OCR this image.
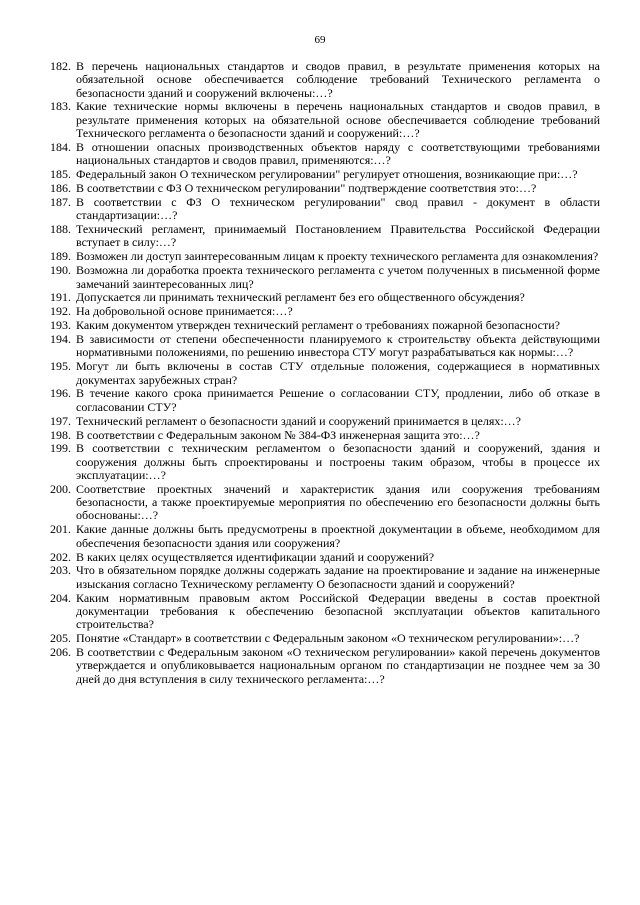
69
182. В перечень национальных стандартов и сводов правил, в результате применения которых на обязательной основе обеспечивается соблюдение требований Технического регламента о безопасности зданий и сооружений включены:…?
183. Какие технические нормы включены в перечень национальных стандартов и сводов правил, в результате применения которых на обязательной основе обеспечивается соблюдение требований Технического регламента о безопасности зданий и сооружений:…?
184. В отношении опасных производственных объектов наряду с соответствующими требованиями национальных стандартов и сводов правил, применяются:…?
185. Федеральный закон О техническом регулировании" регулирует отношения, возникающие при:…?
186. В соответствии с ФЗ О техническом регулировании" подтверждение соответствия это:…?
187. В соответствии с ФЗ О техническом регулировании" свод правил - документ в области стандартизации:…?
188. Технический регламент, принимаемый Постановлением Правительства Российской Федерации вступает в силу:…?
189. Возможен ли доступ заинтересованным лицам к проекту технического регламента для ознакомления?
190. Возможна ли доработка проекта технического регламента с учетом полученных в письменной форме замечаний заинтересованных лиц?
191. Допускается ли принимать технический регламент без его общественного обсуждения?
192. На добровольной основе принимается:…?
193. Каким документом утвержден технический регламент о требованиях пожарной безопасности?
194. В зависимости от степени обеспеченности планируемого к строительству объекта действующими нормативными положениями, по решению инвестора СТУ могут разрабатываться как нормы:…?
195. Могут ли быть включены в состав СТУ отдельные положения, содержащиеся в нормативных документах зарубежных стран?
196. В течение какого срока принимается Решение о согласовании СТУ, продлении, либо об отказе в согласовании СТУ?
197. Технический регламент о безопасности зданий и сооружений принимается в целях:…?
198. В соответствии с Федеральным законом № 384-ФЗ инженерная защита это:…?
199. В соответствии с техническим регламентом о безопасности зданий и сооружений, здания и сооружения должны быть спроектированы и построены таким образом, чтобы в процессе их эксплуатации:…?
200. Соответствие проектных значений и характеристик здания или сооружения требованиям безопасности, а также проектируемые мероприятия по обеспечению его безопасности должны быть обоснованы:…?
201. Какие данные должны быть предусмотрены в проектной документации в объеме, необходимом для обеспечения безопасности здания или сооружения?
202. В каких целях осуществляется идентификации зданий и сооружений?
203. Что в обязательном порядке должны содержать задание на проектирование и задание на инженерные изыскания согласно Техническому регламенту О безопасности зданий и сооружений?
204. Каким нормативным правовым актом Российской Федерации введены в состав проектной документации требования к обеспечению безопасной эксплуатации объектов капитального строительства?
205. Понятие «Стандарт» в соответствии с Федеральным законом «О техническом регулировании»:…?
206. В соответствии с Федеральным законом «О техническом регулировании» какой перечень документов утверждается и опубликовывается национальным органом по стандартизации не позднее чем за 30 дней до дня вступления в силу технического регламента:…?
